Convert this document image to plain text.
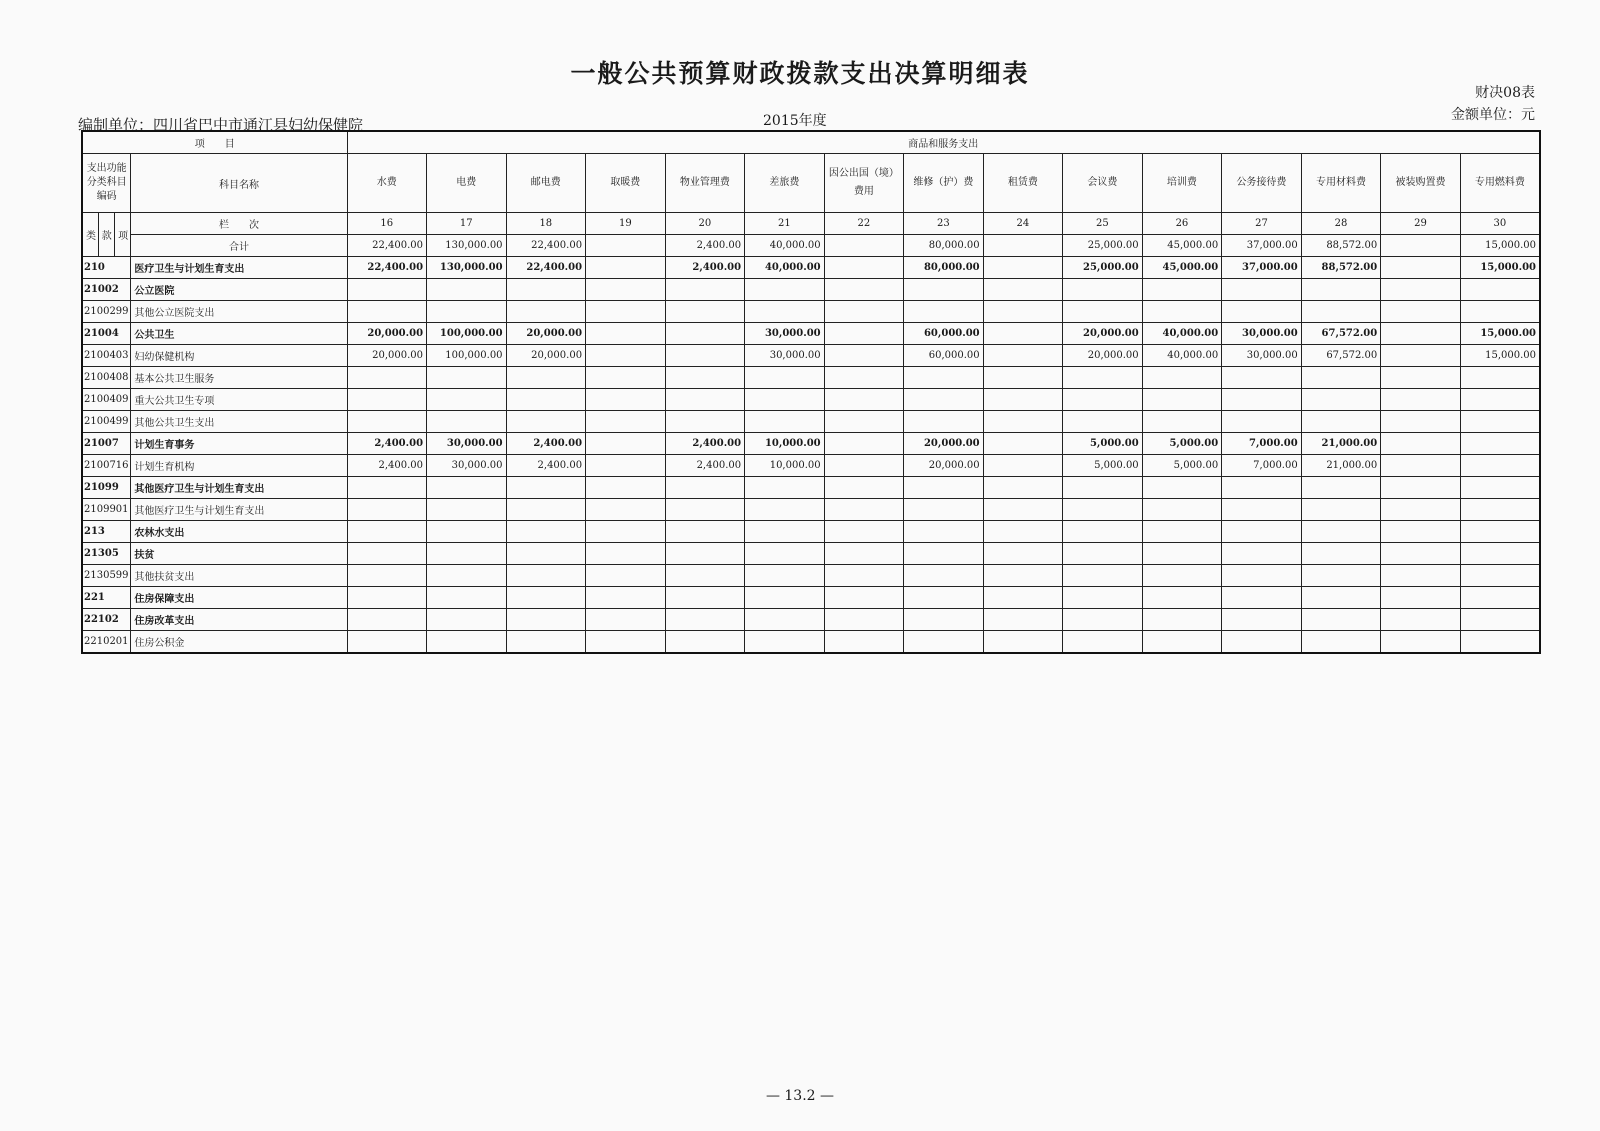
一般公共预算财政拨款支出决算明细表
财决08表
编制单位：四川省巴中市通江县妇幼保健院	2015年度	金额单位：元
项　　目				商品和服务支出														
支出功能分类科目编码			科目名称	水费	电费	邮电费	取暖费	物业管理费	差旅费	因公出国（境）费用	维修（护）费	租赁费	会议费	培训费	公务接待费	专用材料费	被装购置费	专用燃料费
类	款	项	栏　　次	16	17	18	19	20	21	22	23	24	25	26	27	28	29	30
			合计	22,400.00	130,000.00	22,400.00		2,400.00	40,000.00		80,000.00		25,000.00	45,000.00	37,000.00	88,572.00		15,000.00
210			医疗卫生与计划生育支出	22,400.00	130,000.00	22,400.00		2,400.00	40,000.00		80,000.00		25,000.00	45,000.00	37,000.00	88,572.00		15,000.00
21002			公立医院															
2100299			其他公立医院支出															
21004			公共卫生	20,000.00	100,000.00	20,000.00			30,000.00		60,000.00		20,000.00	40,000.00	30,000.00	67,572.00		15,000.00
2100403			妇幼保健机构	20,000.00	100,000.00	20,000.00			30,000.00		60,000.00		20,000.00	40,000.00	30,000.00	67,572.00		15,000.00
2100408			基本公共卫生服务															
2100409			重大公共卫生专项															
2100499			其他公共卫生支出															
21007			计划生育事务	2,400.00	30,000.00	2,400.00		2,400.00	10,000.00		20,000.00		5,000.00	5,000.00	7,000.00	21,000.00		
2100716			计划生育机构	2,400.00	30,000.00	2,400.00		2,400.00	10,000.00		20,000.00		5,000.00	5,000.00	7,000.00	21,000.00		
21099			其他医疗卫生与计划生育支出															
2109901			其他医疗卫生与计划生育支出															
213			农林水支出															
21305			扶贫															
2130599			其他扶贫支出															
221			住房保障支出															
22102			住房改革支出															
2210201			住房公积金															
— 13.2 —
